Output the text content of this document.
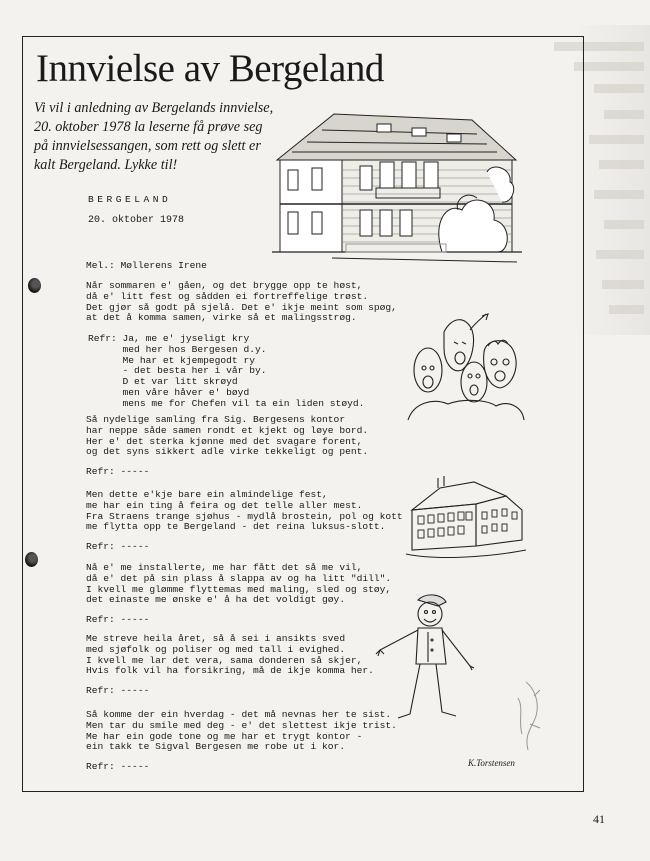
Innvielse av Bergeland

Vi vil i anledning av Bergelands innvielse, 20. oktober 1978 la leserne få prøve seg på innvielsessangen, som rett og slett er kalt Bergeland. Lykke til!

BERGELAND
20. oktober 1978
Mel.: Møllerens Irene
Når sommaren e' gåen, og det brygge opp te høst,
då e' litt fest og sådden ei fortreffelige trøst.
Det gjør så godt på sjelå. Det e' ikje meint som spøg,
at det å komma samen, virke så et malingsstrøg.
Refr: Ja, me e' jyseligt kry
med her hos Bergesen d.y.
Me har et kjempegodt ry
- det besta her i vår by.
D et var litt skrøyd
men våre håver e' bøyd
mens me for Chefen vil ta ein liden støyd.
Så nydelige samling fra Sig. Bergesens kontor
har neppe såde samen rondt et kjekt og løye bord.
Her e' det sterka kjønne med det svagare forent,
og det syns sikkert adle virke tekkeligt og pent.
Refr: -----
Men dette e'kje bare ein almindelige fest,
me har ein ting å feira og det telle aller mest.
Fra Straens trange sjøhus - mydlå brostein, pol og kott
me flytta opp te Bergeland - det reina luksus-slott.
Refr: -----
Nå e' me installerte, me har fått det så me vil,
då e' det på sin plass å slappa av og ha litt "dill".
I kvell me glømme flyttemas med maling, sled og støy,
det einaste me ønske e' å ha det voldigt gøy.
Refr: -----
Me streve heila året, så å sei i ansikts sved
med sjøfolk og poliser og med tall i evighed.
I kvell me lar det vera, sama donderen så skjer,
Hvis folk vil ha forsikring, må de ikje komma her.
Refr: -----
Så komme der ein hverdag - det må nevnas her te sist.
Men tar du smile med deg - e' det slettest ikje trist.
Me har ein gode tone og me har et trygt kontor -
ein takk te Sigval Bergesen me robe ut i kor.
Refr: -----	K.Torstensen
41
